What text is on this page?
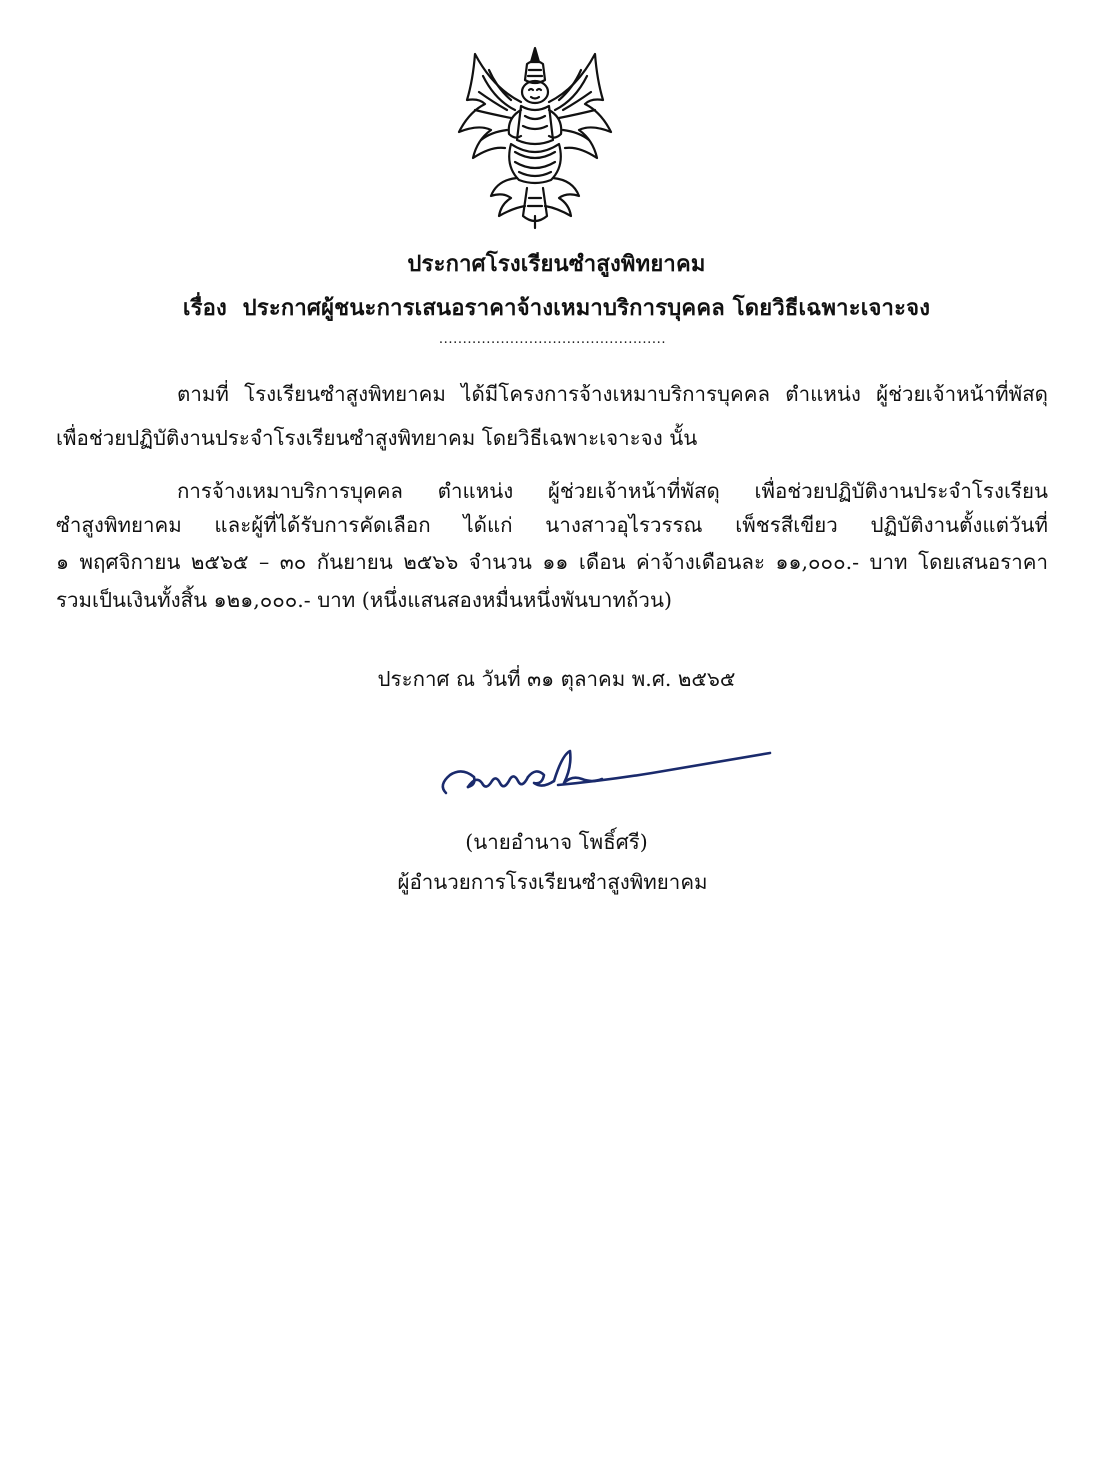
ประกาศโรงเรียนซำสูงพิทยาคม
เรื่อง ประกาศผู้ชนะการเสนอราคาจ้างเหมาบริการบุคคล โดยวิธีเฉพาะเจาะจง
................................................
ตามที่ โรงเรียนซำสูงพิทยาคม ได้มีโครงการจ้างเหมาบริการบุคคล ตำแหน่ง ผู้ช่วยเจ้าหน้าที่พัสดุ
เพื่อช่วยปฏิบัติงานประจำโรงเรียนซำสูงพิทยาคม โดยวิธีเฉพาะเจาะจง นั้น
การจ้างเหมาบริการบุคคล ตำแหน่ง ผู้ช่วยเจ้าหน้าที่พัสดุ เพื่อช่วยปฏิบัติงานประจำโรงเรียน
ซำสูงพิทยาคม และผู้ที่ได้รับการคัดเลือก ได้แก่ นางสาวอุไรวรรณ เพ็ชรสีเขียว ปฏิบัติงานตั้งแต่วันที่
๑ พฤศจิกายน ๒๕๖๕ – ๓๐ กันยายน ๒๕๖๖ จำนวน ๑๑ เดือน ค่าจ้างเดือนละ ๑๑,๐๐๐.- บาท โดยเสนอราคา
รวมเป็นเงินทั้งสิ้น ๑๒๑,๐๐๐.- บาท (หนึ่งแสนสองหมื่นหนึ่งพันบาทถ้วน)
ประกาศ ณ วันที่ ๓๑ ตุลาคม พ.ศ. ๒๕๖๕
(นายอำนาจ โพธิ์ศรี)
ผู้อำนวยการโรงเรียนซำสูงพิทยาคม
